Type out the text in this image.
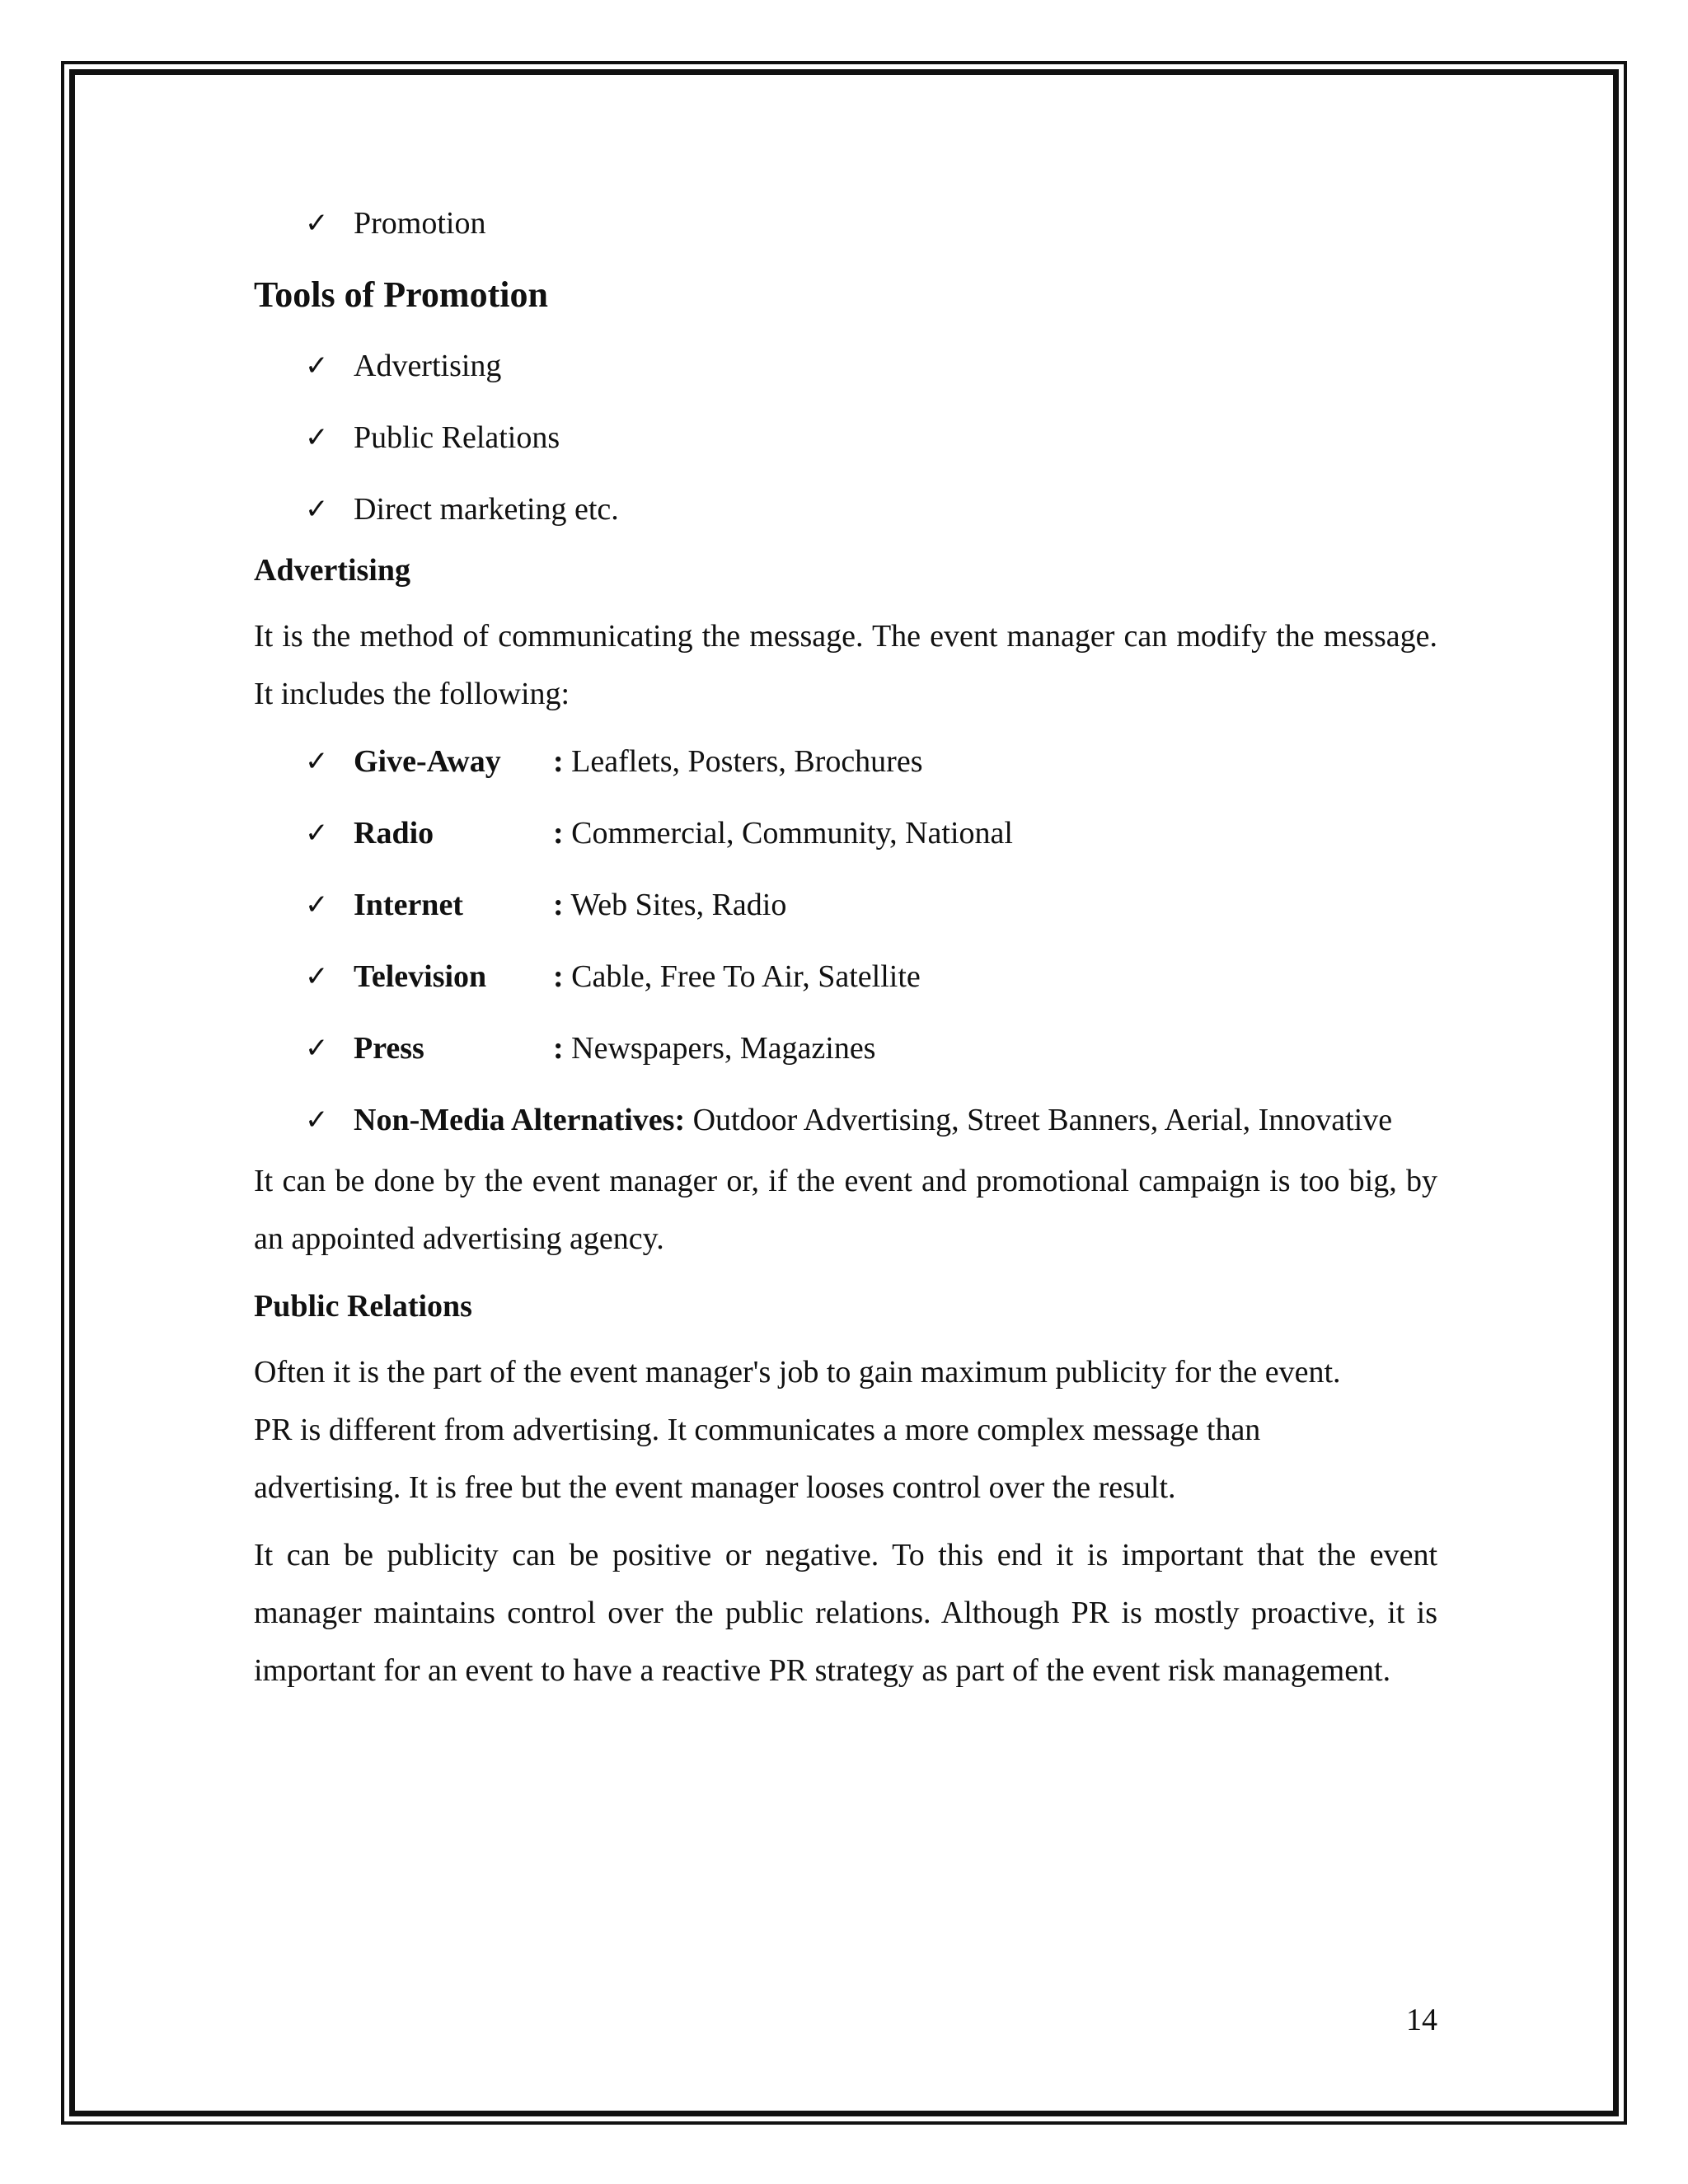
✓ Promotion
Tools of Promotion
✓ Advertising
✓ Public Relations
✓ Direct marketing etc.
Advertising
It is the method of communicating the message. The event manager can modify the message. It includes the following:
✓ Give-Away : Leaflets, Posters, Brochures
✓ Radio	: Commercial, Community, National
✓ Internet	: Web Sites, Radio
✓ Television : Cable, Free To Air, Satellite
✓ Press	: Newspapers, Magazines
✓ Non-Media Alternatives: Outdoor Advertising, Street Banners, Aerial, Innovative
It can be done by the event manager or, if the event and promotional campaign is too big, by an appointed advertising agency.
Public Relations
Often it is the part of the event manager's job to gain maximum publicity for the event.
PR is different from advertising. It communicates a more complex message than
advertising. It is free but the event manager looses control over the result.
It can be publicity can be positive or negative. To this end it is important that the event manager maintains control over the public relations. Although PR is mostly proactive, it is important for an event to have a reactive PR strategy as part of the event risk management.
14
